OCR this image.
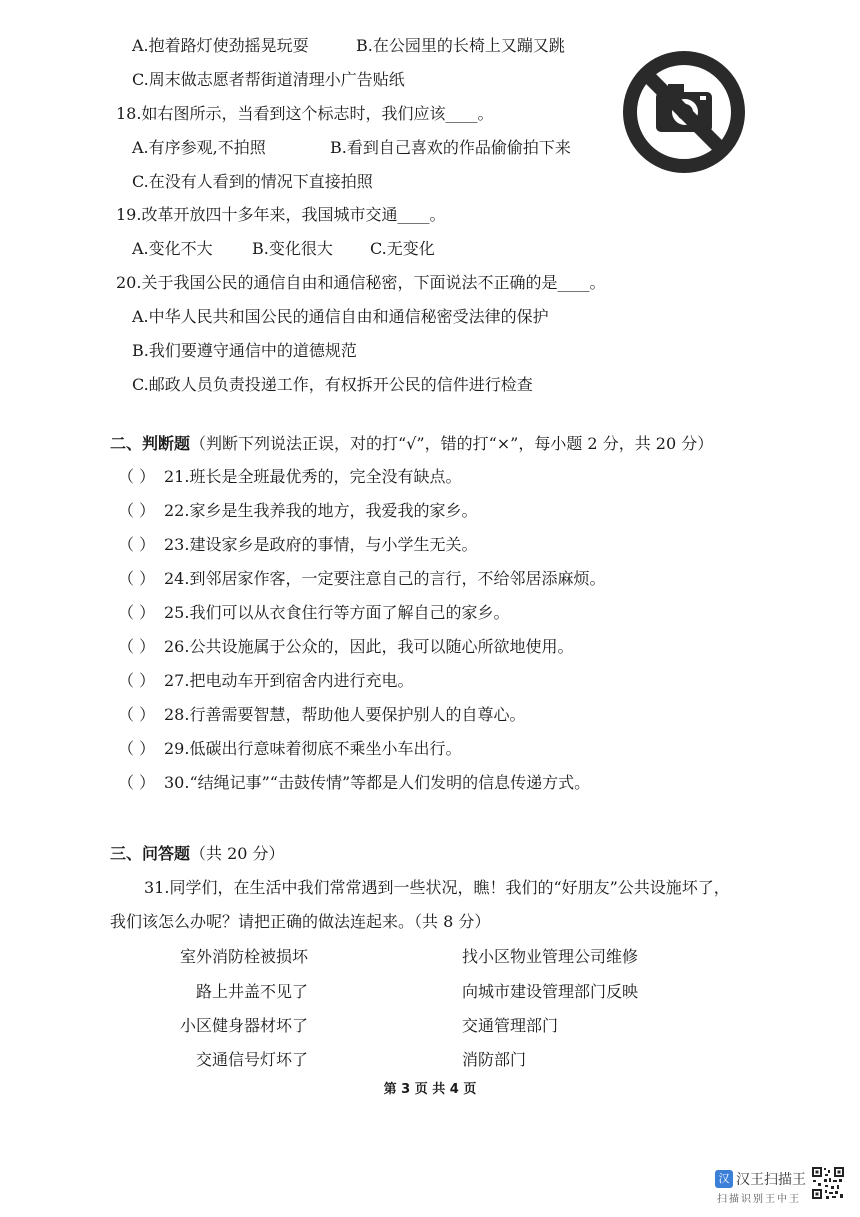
A.抱着路灯使劲摇晃玩耍	B.在公园里的长椅上又蹦又跳
C.周末做志愿者帮街道清理小广告贴纸
18.如右图所示，当看到这个标志时，我们应该____。
A.有序参观,不拍照	B.看到自己喜欢的作品偷偷拍下来
C.在没有人看到的情况下直接拍照
19.改革开放四十多年来，我国城市交通____。
A.变化不大 B.变化很大 C.无变化
20.关于我国公民的通信自由和通信秘密，下面说法不正确的是____。
A.中华人民共和国公民的通信自由和通信秘密受法律的保护
B.我们要遵守通信中的道德规范
C.邮政人员负责投递工作，有权拆开公民的信件进行检查
二、判断题（判断下列说法正误，对的打“√”，错的打“×”，每小题 2 分，共 20 分）
（ ） 21.班长是全班最优秀的，完全没有缺点。
（ ） 22.家乡是生我养我的地方，我爱我的家乡。
（ ） 23.建设家乡是政府的事情，与小学生无关。
（ ） 24.到邻居家作客，一定要注意自己的言行，不给邻居添麻烦。
（ ） 25.我们可以从衣食住行等方面了解自己的家乡。
（ ） 26.公共设施属于公众的，因此，我可以随心所欲地使用。
（ ） 27.把电动车开到宿舍内进行充电。
（ ） 28.行善需要智慧，帮助他人要保护别人的自尊心。
（ ） 29.低碳出行意味着彻底不乘坐小车出行。
（ ） 30.“结绳记事”“击鼓传情”等都是人们发明的信息传递方式。
三、问答题（共 20 分）
31.同学们，在生活中我们常常遇到一些状况，瞧！我们的“好朋友”公共设施坏了，
我们该怎么办呢？请把正确的做法连起来。（共 8 分）
室外消防栓被损坏
路上井盖不见了
小区健身器材坏了
交通信号灯坏了
找小区物业管理公司维修
向城市建设管理部门反映
交通管理部门
消防部门
第 3 页 共 4 页
汉 汉王扫描王
扫描识别王中王
